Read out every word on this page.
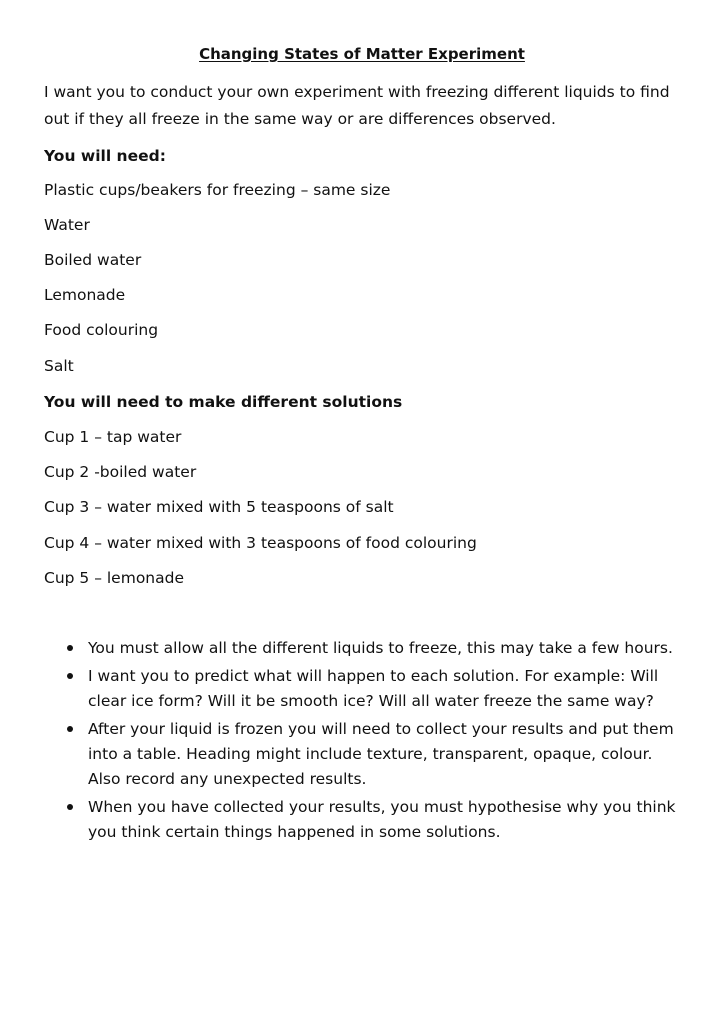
Changing States of Matter Experiment
I want you to conduct your own experiment with freezing different liquids to find out if they all freeze in the same way or are differences observed.
You will need:
Plastic cups/beakers for freezing – same size
Water
Boiled water
Lemonade
Food colouring
Salt
You will need to make different solutions
Cup 1 – tap water
Cup 2 -boiled water
Cup 3 – water mixed with 5 teaspoons of salt
Cup 4 – water mixed with 3 teaspoons of food colouring
Cup 5 – lemonade
You must allow all the different liquids to freeze, this may take a few hours.
I want you to predict what will happen to each solution. For example: Will clear ice form? Will it be smooth ice? Will all water freeze the same way?
After your liquid is frozen you will need to collect your results and put them into a table. Heading might include texture, transparent, opaque, colour. Also record any unexpected results.
When you have collected your results, you must hypothesise why you think you think certain things happened in some solutions.
